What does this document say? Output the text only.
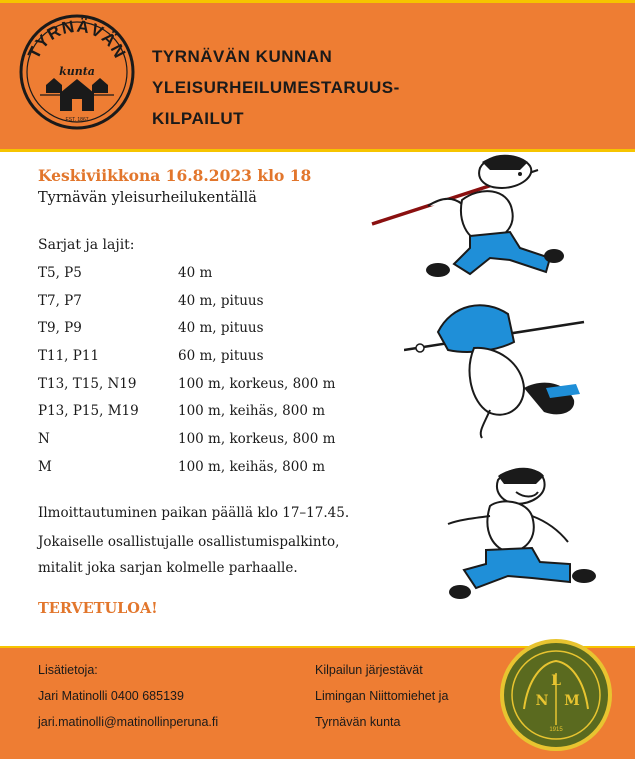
TYRNÄVÄN
kunta
EST. 1867
TYRNÄVÄN KUNNAN
YLEISURHEILUMESTARUUS-
KILPAILUT
Keskiviikkona 16.8.2023 klo 18
Tyrnävän yleisurheilukentällä
Sarjat ja lajit:
T5, P5	40 m
T7, P7	40 m, pituus
T9, P9	40 m, pituus
T11, P11	60 m, pituus
T13, T15, N19	100 m, korkeus, 800 m
P13, P15, M19	100 m, keihäs, 800 m
N	100 m, korkeus, 800 m
M	100 m, keihäs, 800 m
Ilmoittautuminen paikan päällä klo 17–17.45.
Jokaiselle osallistujalle osallistumispalkinto,
mitalit joka sarjan kolmelle parhaalle.
TERVETULOA!
Lisätietoja:
Jari Matinolli 0400 685139
jari.matinolli@matinollinperuna.fi
Kilpailun järjestävät
Limingan Niittomiehet ja
Tyrnävän kunta
L
N M
1915
